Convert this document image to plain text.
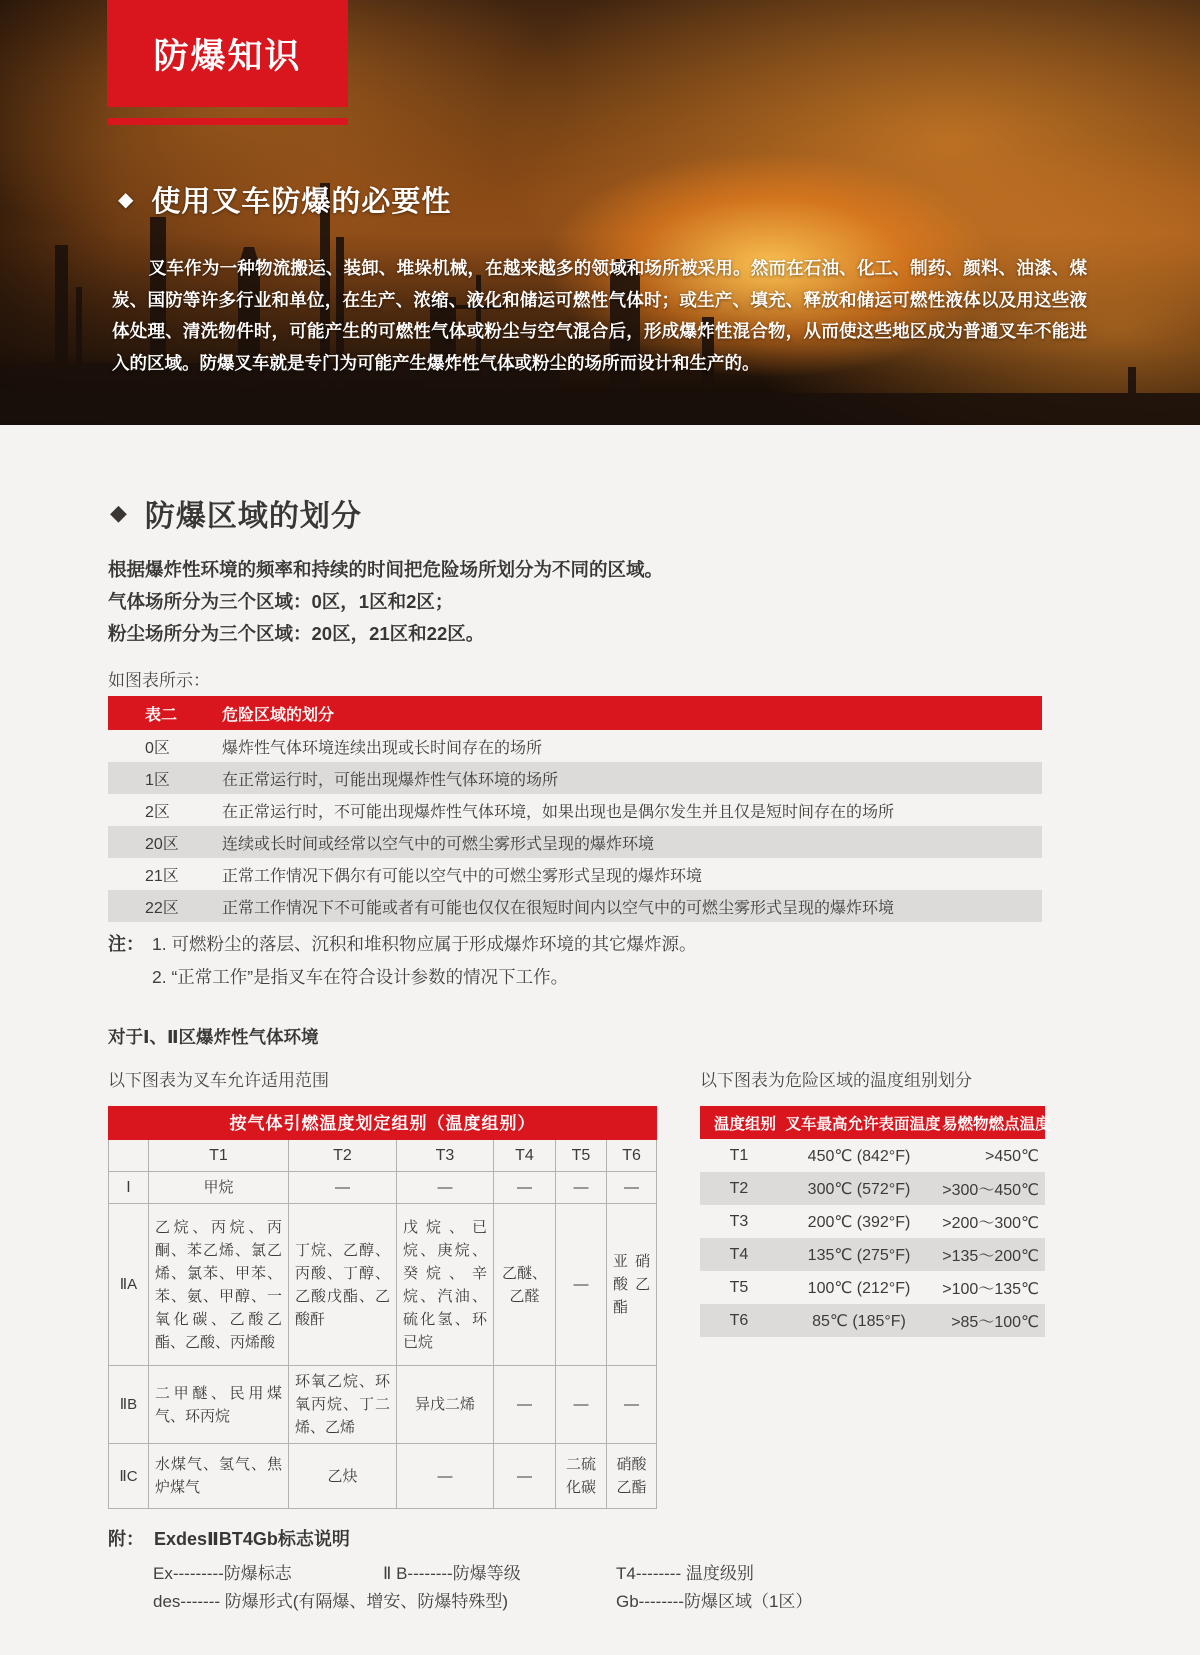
防爆知识
◆ 使用叉车防爆的必要性

叉车作为一种物流搬运、装卸、堆垛机械，在越来越多的领域和场所被采用。然而在石油、化工、制药、颜料、油漆、煤炭、国防等许多行业和单位，在生产、浓缩、液化和储运可燃性气体时；或生产、填充、释放和储运可燃性液体以及用这些液体处理、清洗物件时，可能产生的可燃性气体或粉尘与空气混合后，形成爆炸性混合物，从而使这些地区成为普通叉车不能进入的区域。防爆叉车就是专门为可能产生爆炸性气体或粉尘的场所而设计和生产的。

◆ 防爆区域的划分
根据爆炸性环境的频率和持续的时间把危险场所划分为不同的区域。
气体场所分为三个区域：0区，1区和2区；
粉尘场所分为三个区域：20区，21区和22区。
如图表所示：
表二	危险区域的划分
0区	爆炸性气体环境连续出现或长时间存在的场所
1区	在正常运行时，可能出现爆炸性气体环境的场所
2区	在正常运行时，不可能出现爆炸性气体环境，如果出现也是偶尔发生并且仅是短时间存在的场所
20区	连续或长时间或经常以空气中的可燃尘雾形式呈现的爆炸环境
21区	正常工作情况下偶尔有可能以空气中的可燃尘雾形式呈现的爆炸环境
22区	正常工作情况下不可能或者有可能也仅仅在很短时间内以空气中的可燃尘雾形式呈现的爆炸环境
注： 1. 可燃粉尘的落层、沉积和堆积物应属于形成爆炸环境的其它爆炸源。
2. “正常工作”是指叉车在符合设计参数的情况下工作。
对于Ⅰ、Ⅱ区爆炸性气体环境
以下图表为叉车允许适用范围	以下图表为危险区域的温度组别划分
按气体引燃温度划定组别（温度组别）						
	T1	T2	T3	T4	T5	T6
Ⅰ	甲烷	—	—	—	—	—
ⅡA	乙烷、丙烷、丙酮、苯乙烯、氯乙烯、氯苯、甲苯、苯、氨、甲醇、一氧化碳、乙酸乙酯、乙酸、丙烯酸	丁烷、乙醇、丙酸、丁醇、乙酸戊酯、乙酸酐	戊烷、已烷、庚烷、癸烷、辛烷、汽油、硫化氢、环已烷	乙醚、乙醛	—	亚硝酸乙酯
ⅡB	二甲醚、民用煤气、环丙烷	环氧乙烷、环氧丙烷、丁二烯、乙烯	异戊二烯	—	—	—
ⅡC	水煤气、氢气、焦炉煤气	乙炔	—	—	二硫化碳	硝酸乙酯
温度组别 叉车最高允许表面温度 易燃物燃点温度
T1	450℃ (842°F)	>450℃
T2	300℃ (572°F)	>300～450℃
T3	200℃ (392°F)	>200～300℃
T4	135℃ (275°F)	>135～200℃
T5	100℃ (212°F)	>100～135℃
T6	85℃ (185°F)	>85～100℃
附： ExdesⅡBT4Gb标志说明
Ex---------防爆标志	Ⅱ B--------防爆等级	T4-------- 温度级别
des------- 防爆形式(有隔爆、增安、防爆特殊型)	Gb--------防爆区域（1区）
